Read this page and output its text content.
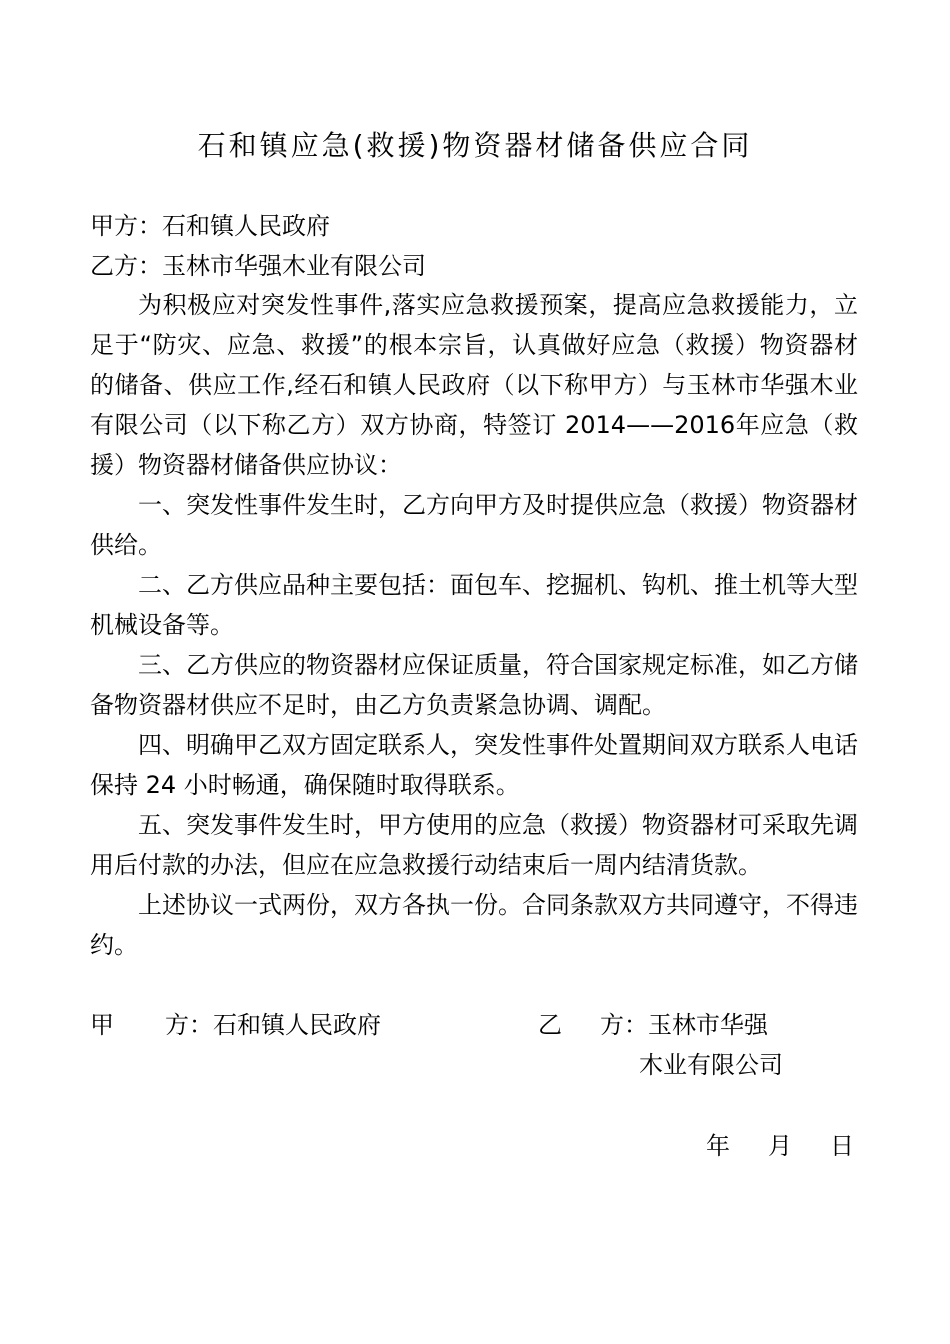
石和镇应急(救援)物资器材储备供应合同

甲方：石和镇人民政府

乙方：玉林市华强木业有限公司

为积极应对突发性事件,落实应急救援预案，提高应急救援能力，立足于“防灾、应急、救援”的根本宗旨，认真做好应急（救援）物资器材的储备、供应工作,经石和镇人民政府（以下称甲方）与玉林市华强木业有限公司（以下称乙方）双方协商，特签订 2014——2016年应急（救援）物资器材储备供应协议：

一、突发性事件发生时，乙方向甲方及时提供应急（救援）物资器材供给。

二、乙方供应品种主要包括：面包车、挖掘机、钩机、推土机等大型机械设备等。

三、乙方供应的物资器材应保证质量，符合国家规定标准，如乙方储备物资器材供应不足时，由乙方负责紧急协调、调配。

四、明确甲乙双方固定联系人，突发性事件处置期间双方联系人电话保持 24 小时畅通，确保随时取得联系。

五、突发事件发生时，甲方使用的应急（救援）物资器材可采取先调用后付款的办法，但应在应急救援行动结束后一周内结清货款。

上述协议一式两份，双方各执一份。合同条款双方共同遵守，不得违约。

甲 方：石和镇人民政府	乙 方：玉林市华强
木业有限公司
年 月 日
